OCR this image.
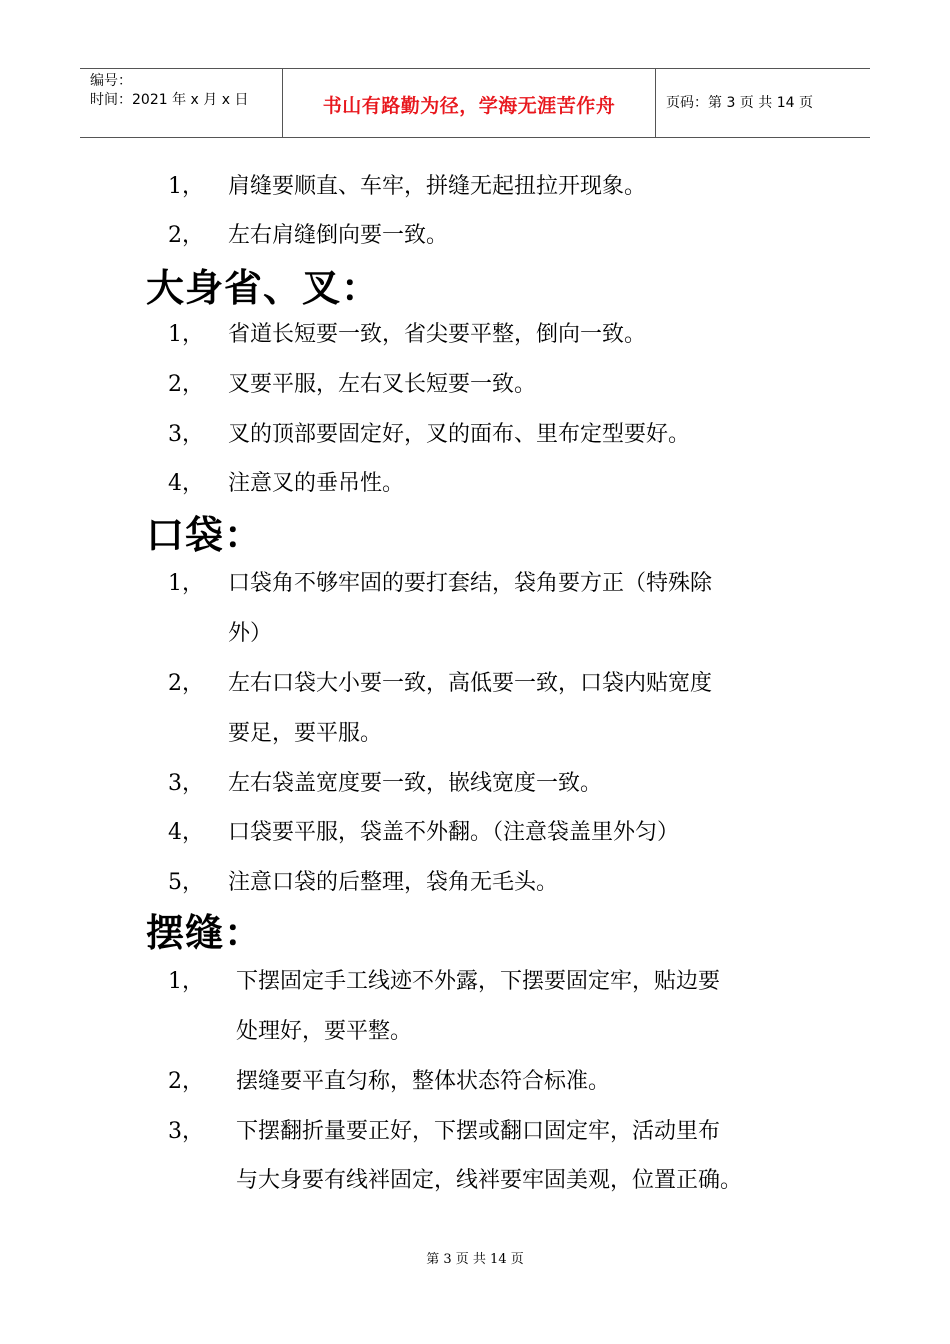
编号：
时间：2021 年 x 月 x 日	书山有路勤为径，学海无涯苦作舟	页码：第 3 页 共 14 页
1，	肩缝要顺直、车牢，拼缝无起扭拉开现象。
2，	左右肩缝倒向要一致。
大身省、叉：
1，	省道长短要一致，省尖要平整，倒向一致。
2，	叉要平服，左右叉长短要一致。
3，	叉的顶部要固定好，叉的面布、里布定型要好。
4，	注意叉的垂吊性。
口袋：
1，	口袋角不够牢固的要打套结，袋角要方正（特殊除
外）
2，	左右口袋大小要一致，高低要一致，口袋内贴宽度
要足，要平服。
3，	左右袋盖宽度要一致，嵌线宽度一致。
4，	口袋要平服，袋盖不外翻。（注意袋盖里外匀）
5，	注意口袋的后整理，袋角无毛头。
摆缝：
1，	下摆固定手工线迹不外露，下摆要固定牢，贴边要
处理好，要平整。
2，	摆缝要平直匀称，整体状态符合标准。
3，	下摆翻折量要正好，下摆或翻口固定牢，活动里布
与大身要有线袢固定，线袢要牢固美观，位置正确。
第 3 页 共 14 页
